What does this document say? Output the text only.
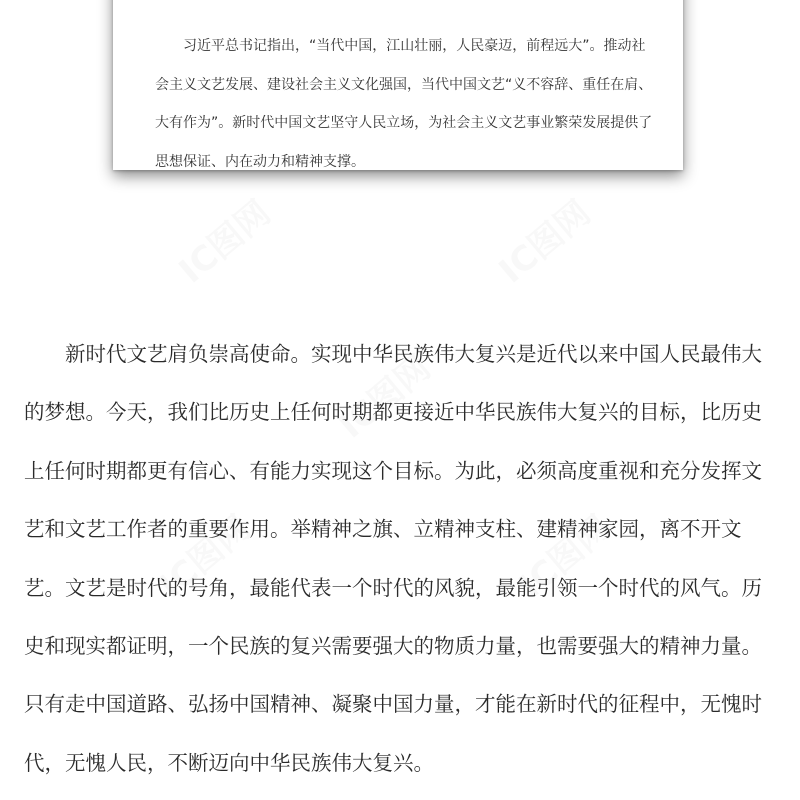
IC图网	IC图网
IC图网
IC图网	IC图网

习近平总书记指出，“当代中国，江山壮丽，人民豪迈，前程远大”。推动社会主义文艺发展、建设社会主义文化强国，当代中国文艺“义不容辞、重任在肩、大有作为”。新时代中国文艺坚守人民立场，为社会主义文艺事业繁荣发展提供了思想保证、内在动力和精神支撑。

新时代文艺肩负崇高使命。实现中华民族伟大复兴是近代以来中国人民最伟大的梦想。今天，我们比历史上任何时期都更接近中华民族伟大复兴的目标，比历史上任何时期都更有信心、有能力实现这个目标。为此，必须高度重视和充分发挥文艺和文艺工作者的重要作用。举精神之旗、立精神支柱、建精神家园，离不开文艺。文艺是时代的号角，最能代表一个时代的风貌，最能引领一个时代的风气。历史和现实都证明，一个民族的复兴需要强大的物质力量，也需要强大的精神力量。只有走中国道路、弘扬中国精神、凝聚中国力量，才能在新时代的征程中，无愧时代，无愧人民，不断迈向中华民族伟大复兴。
